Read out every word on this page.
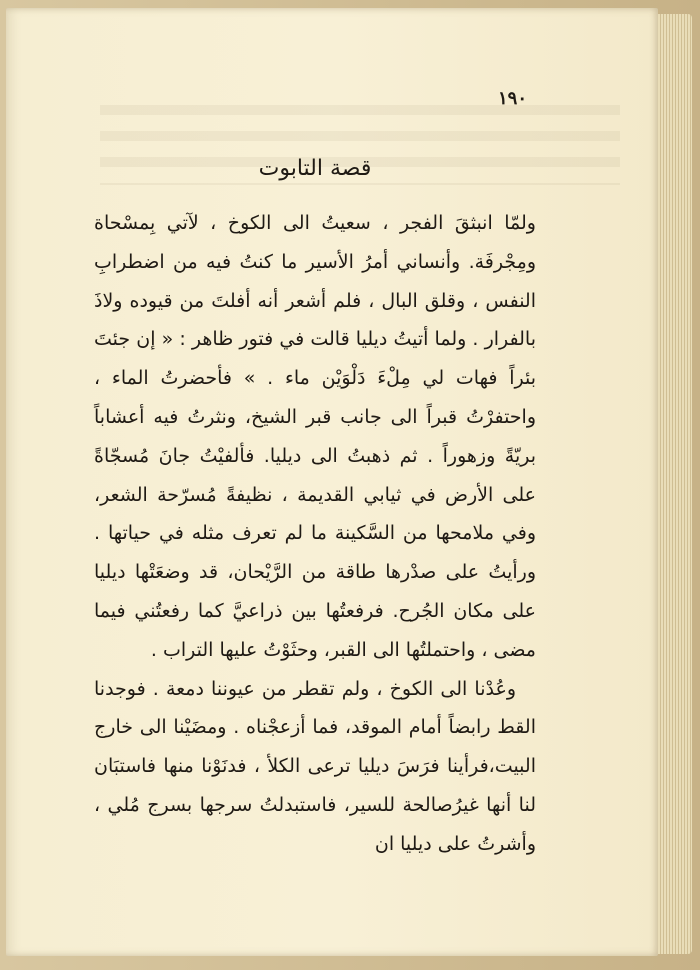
١٩٠
قصة التابوت

ولمّا انبثقَ الفجر ، سعيتُ الى الكوخ ، لآتي بِمسْحاة ومِجْرفَة. وأنساني أمرُ الأسير ما كنتُ فيه من اضطرابِ النفس ، وقلق البال ، فلم أشعر أنه أفلتَ من قيوده ولاذَ بالفرار . ولما أتيتُ ديليا قالت في فتور ظاهر : « إن جئتَ بئراً فهات لي مِلْءَ دَلْوَيْن ماء . » فأحضرتُ الماء ، واحتفرْتُ قبراً الى جانب قبر الشيخ، ونثرتُ فيه أعشاباً بريّةً وزهوراً . ثم ذهبتُ الى ديليا. فألفيْتُ جانَ مُسجّاةً على الأرض في ثيابي القديمة ، نظيفةً مُسرّحة الشعر، وفي ملامحها من السَّكينة ما لم تعرف مثله في حياتها . ورأيتُ على صدْرها طاقة من الرَّيْحان، قد وضعَتْها ديليا على مكان الجُرح. فرفعتُها بين ذراعيَّ كما رفعتُني فيما مضى ، واحتملتُها الى القبر، وحثَوْتُ عليها التراب .

وعُدْنا الى الكوخ ، ولم تقطر من عيوننا دمعة . فوجدنا القط رابضاً أمام الموقد، فما أزعجْناه . ومضَيْنا الى خارج البيت،فرأينا فرَسَ ديليا ترعى الكلأ ، فدنَوْنا منها فاستبَان لنا أنها غيرُصالحة للسير، فاستبدلتُ سرجها بسرج مُلي ، وأشرتُ على ديليا ان
